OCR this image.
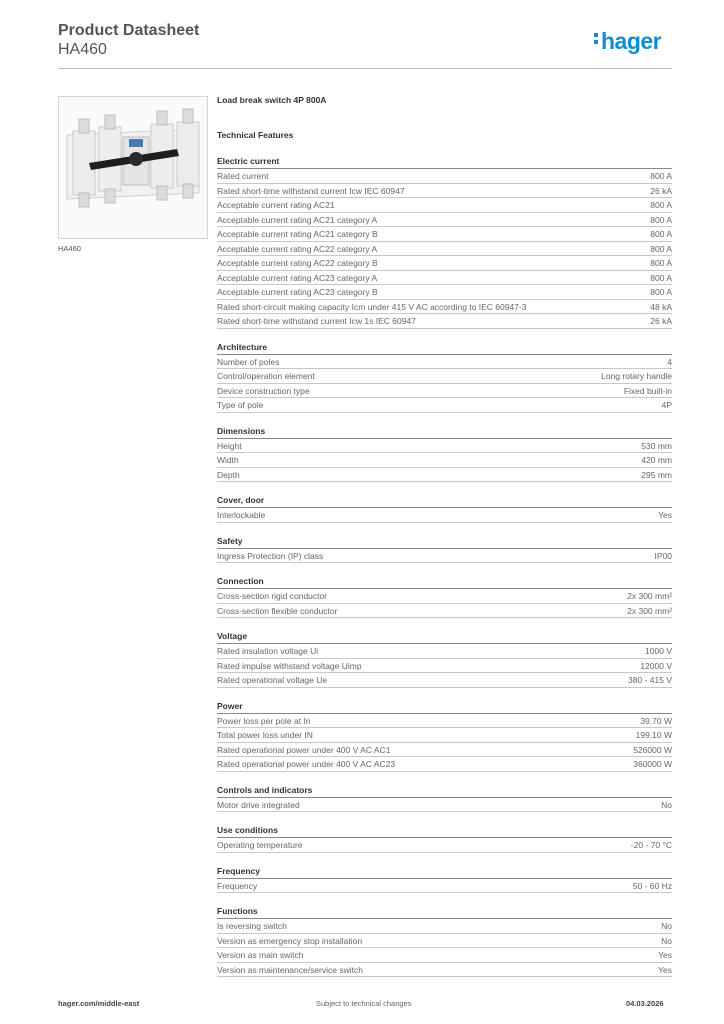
Product Datasheet
HA460	hager
HA460
Load break switch 4P 800A
Technical Features
Electric current
Rated current	800 A
Rated short-time withstand current Icw IEC 60947	26 kA
Acceptable current rating AC21	800 A
Acceptable current rating AC21 category A	800 A
Acceptable current rating AC21 category B	800 A
Acceptable current rating AC22 category A	800 A
Acceptable current rating AC22 category B	800 A
Acceptable current rating AC23 category A	800 A
Acceptable current rating AC23 category B	800 A
Rated short-circuit making capacity Icm under 415 V AC according to IEC 60947-3	48 kA
Rated short-time withstand current Icw 1s IEC 60947	26 kA
Architecture
Number of poles	4
Control/operation element	Long rotary handle
Device construction type	Fixed built-in
Type of pole	4P
Dimensions
Height	530 mm
Width	420 mm
Depth	295 mm
Cover, door
Interlockable	Yes
Safety
Ingress Protection (IP) class	IP00
Connection
Cross-section rigid conductor	2x 300 mm²
Cross-section flexible conductor	2x 300 mm²
Voltage
Rated insulation voltage Ui	1000 V
Rated impulse withstand voltage Uimp	12000 V
Rated operational voltage Ue	380 - 415 V
Power
Power loss per pole at In	39.70 W
Total power loss under IN	199.10 W
Rated operational power under 400 V AC AC1	526000 W
Rated operational power under 400 V AC AC23	360000 W
Controls and indicators
Motor drive integrated	No
Use conditions
Operating temperature	-20 - 70 °C
Frequency
Frequency	50 - 60 Hz
Functions
Is reversing switch	No
Version as emergency stop installation	No
Version as main switch	Yes
Version as maintenance/service switch	Yes
hager.com/middle-east	Subject to technical changes	04.03.2026
